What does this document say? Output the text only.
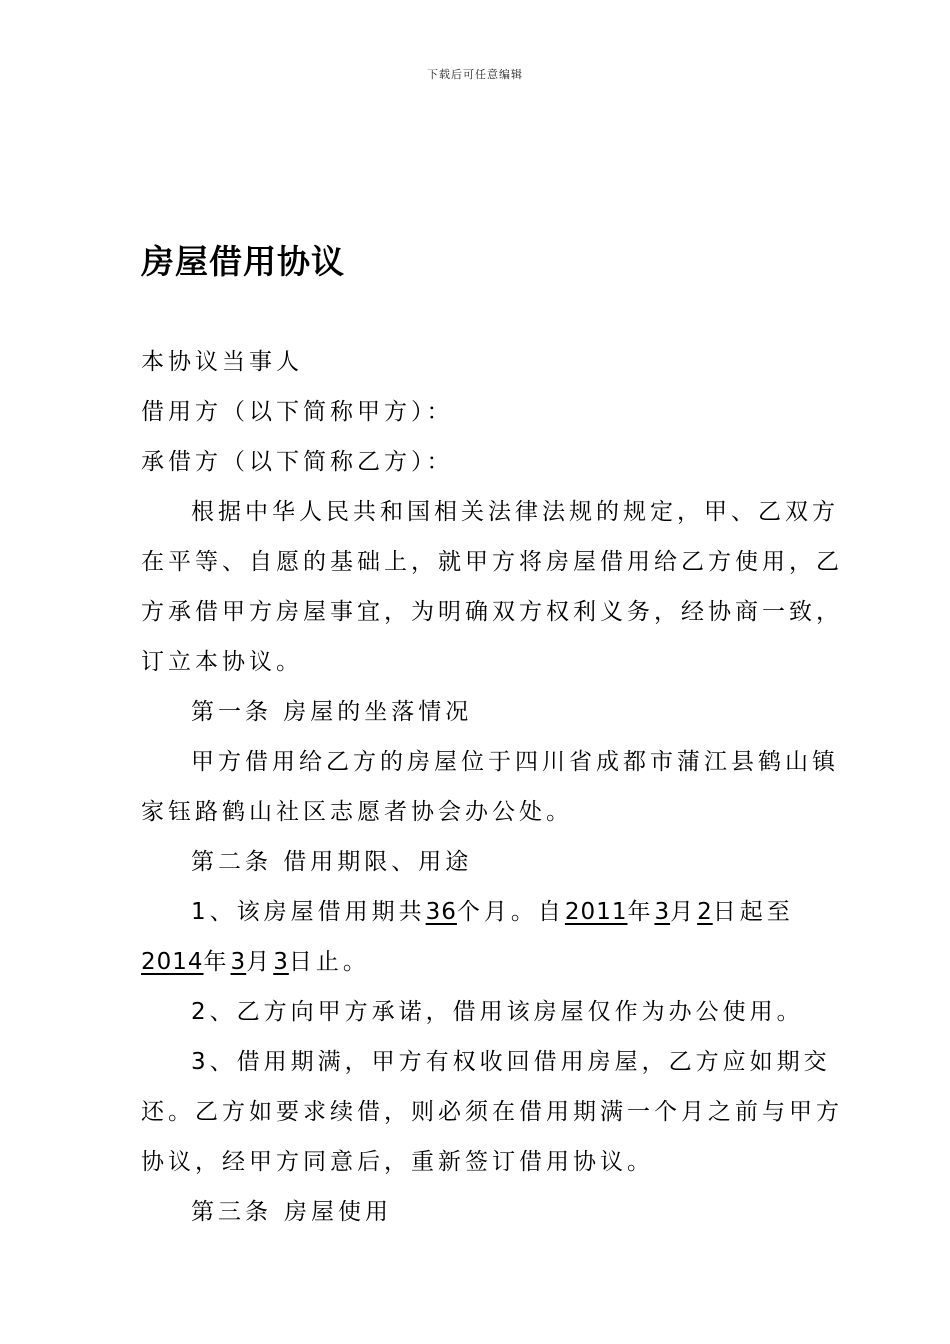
下载后可任意编辑
房屋借用协议
本协议当事人
借用方（以下简称甲方）：
承借方（以下简称乙方）：
根据中华人民共和国相关法律法规的规定，甲、乙双方
在平等、自愿的基础上，就甲方将房屋借用给乙方使用，乙
方承借甲方房屋事宜，为明确双方权利义务，经协商一致，
订立本协议。
第一条 房屋的坐落情况
甲方借用给乙方的房屋位于四川省成都市蒲江县鹤山镇
家钰路鹤山社区志愿者协会办公处。
第二条 借用期限、用途
1、该房屋借用期共36个月。自2011年3月2日起至
2014年3月3日止。
2、乙方向甲方承诺，借用该房屋仅作为办公使用。
3、借用期满，甲方有权收回借用房屋，乙方应如期交
还。乙方如要求续借，则必须在借用期满一个月之前与甲方
协议，经甲方同意后，重新签订借用协议。
第三条 房屋使用
